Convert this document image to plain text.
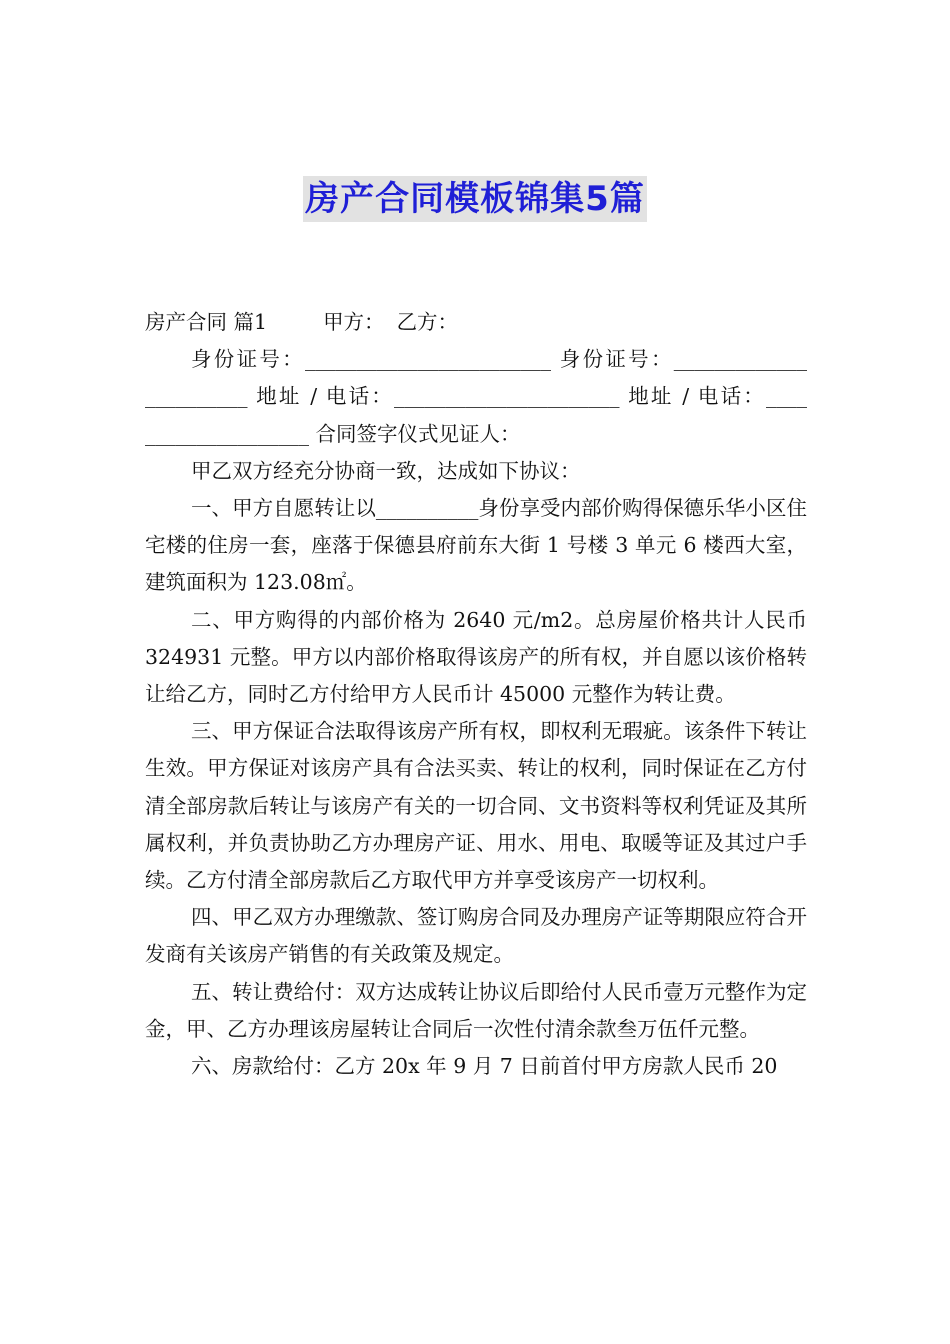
房产合同模板锦集5篇

房产合同 篇1	甲方： 乙方：

身份证号：________________________ 身份证号：_____________ __________ 地址 / 电话：______________________ 地址 / 电话：____ ________________ 合同签字仪式见证人：

甲乙双方经充分协商一致，达成如下协议：

一、甲方自愿转让以__________身份享受内部价购得保德乐华小区住宅楼的住房一套，座落于保德县府前东大街 1 号楼 3 单元 6 楼西大室，建筑面积为 123.08㎡。

二、甲方购得的内部价格为 2640 元/m2。总房屋价格共计人民币 324931 元整。甲方以内部价格取得该房产的所有权，并自愿以该价格转让给乙方，同时乙方付给甲方人民币计 45000 元整作为转让费。

三、甲方保证合法取得该房产所有权，即权利无瑕疵。该条件下转让生效。甲方保证对该房产具有合法买卖、转让的权利，同时保证在乙方付清全部房款后转让与该房产有关的一切合同、文书资料等权利凭证及其所属权利，并负责协助乙方办理房产证、用水、用电、取暖等证及其过户手续。乙方付清全部房款后乙方取代甲方并享受该房产一切权利。

四、甲乙双方办理缴款、签订购房合同及办理房产证等期限应符合开发商有关该房产销售的有关政策及规定。

五、转让费给付：双方达成转让协议后即给付人民币壹万元整作为定金，甲、乙方办理该房屋转让合同后一次性付清余款叁万伍仟元整。

六、房款给付：乙方 20x 年 9 月 7 日前首付甲方房款人民币 20
